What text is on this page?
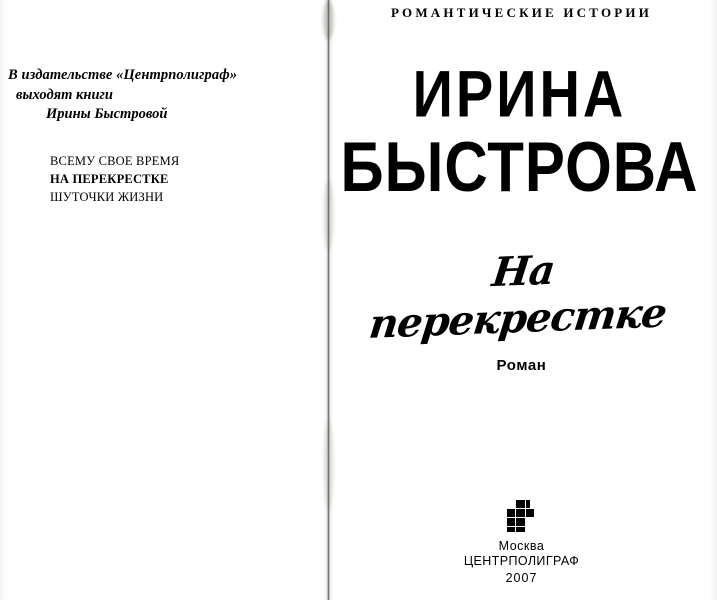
В издательстве «Центрполиграф»
выходят книги
Ирины Быстровой
ВСЕМУ СВОЕ ВРЕМЯ
НА ПЕРЕКРЕСТКЕ
ШУТОЧКИ ЖИЗНИ
РОМАНТИЧЕСКИЕ ИСТОРИИ
ИРИНА
БЫСТРОВА
На перекрестке
Роман
Москва
ЦЕНТРПОЛИГРАФ
2007
